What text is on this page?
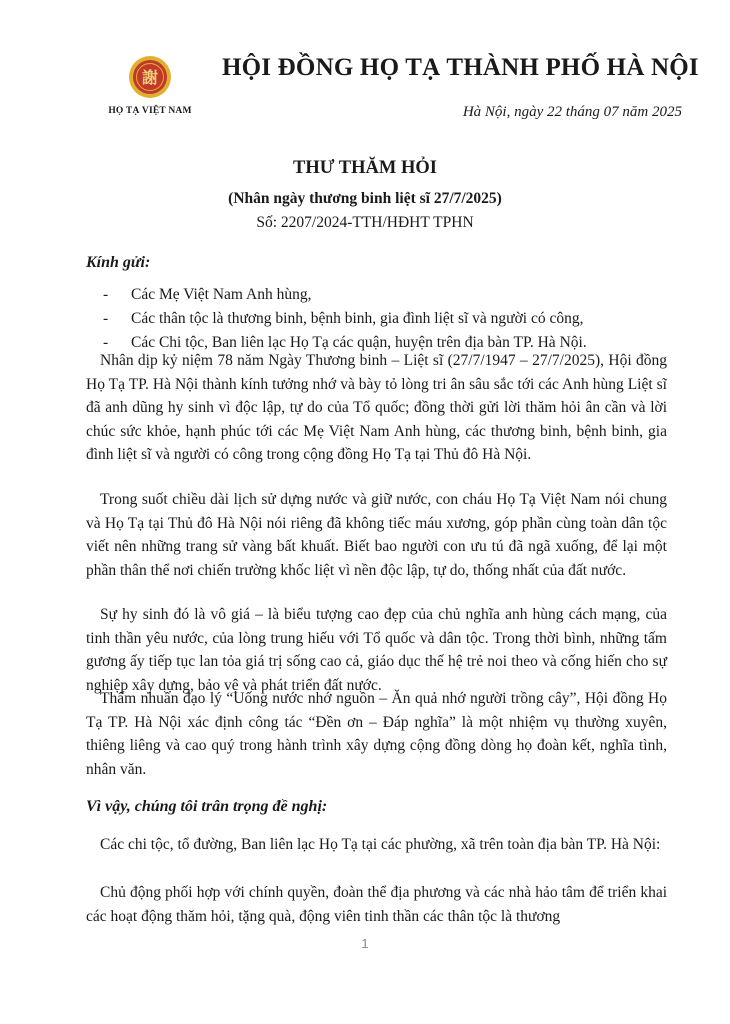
謝
HỌ TẠ VIỆT NAM
HỘI ĐỒNG HỌ TẠ THÀNH PHỐ HÀ NỘI
Hà Nội, ngày 22 tháng 07 năm 2025
THƯ THĂM HỎI
(Nhân ngày thương binh liệt sĩ 27/7/2025)
Số: 2207/2024-TTH/HĐHT TPHN
Kính gửi:
- Các Mẹ Việt Nam Anh hùng,
- Các thân tộc là thương binh, bệnh binh, gia đình liệt sĩ và người có công,
- Các Chi tộc, Ban liên lạc Họ Tạ các quận, huyện trên địa bàn TP. Hà Nội.

Nhân dịp kỷ niệm 78 năm Ngày Thương binh – Liệt sĩ (27/7/1947 – 27/7/2025), Hội đồng Họ Tạ TP. Hà Nội thành kính tưởng nhớ và bày tỏ lòng tri ân sâu sắc tới các Anh hùng Liệt sĩ đã anh dũng hy sinh vì độc lập, tự do của Tổ quốc; đồng thời gửi lời thăm hỏi ân cần và lời chúc sức khỏe, hạnh phúc tới các Mẹ Việt Nam Anh hùng, các thương binh, bệnh binh, gia đình liệt sĩ và người có công trong cộng đồng Họ Tạ tại Thủ đô Hà Nội.

Trong suốt chiều dài lịch sử dựng nước và giữ nước, con cháu Họ Tạ Việt Nam nói chung và Họ Tạ tại Thủ đô Hà Nội nói riêng đã không tiếc máu xương, góp phần cùng toàn dân tộc viết nên những trang sử vàng bất khuất. Biết bao người con ưu tú đã ngã xuống, để lại một phần thân thể nơi chiến trường khốc liệt vì nền độc lập, tự do, thống nhất của đất nước.

Sự hy sinh đó là vô giá – là biểu tượng cao đẹp của chủ nghĩa anh hùng cách mạng, của tinh thần yêu nước, của lòng trung hiếu với Tổ quốc và dân tộc. Trong thời bình, những tấm gương ấy tiếp tục lan tỏa giá trị sống cao cả, giáo dục thế hệ trẻ noi theo và cống hiến cho sự nghiệp xây dựng, bảo vệ và phát triển đất nước.

Thấm nhuần đạo lý “Uống nước nhớ nguồn – Ăn quả nhớ người trồng cây”, Hội đồng Họ Tạ TP. Hà Nội xác định công tác “Đền ơn – Đáp nghĩa” là một nhiệm vụ thường xuyên, thiêng liêng và cao quý trong hành trình xây dựng cộng đồng dòng họ đoàn kết, nghĩa tình, nhân văn.

Vì vậy, chúng tôi trân trọng đề nghị:

Các chi tộc, tổ đường, Ban liên lạc Họ Tạ tại các phường, xã trên toàn địa bàn TP. Hà Nội:

Chủ động phối hợp với chính quyền, đoàn thể địa phương và các nhà hảo tâm để triển khai các hoạt động thăm hỏi, tặng quà, động viên tinh thần các thân tộc là thương

1
